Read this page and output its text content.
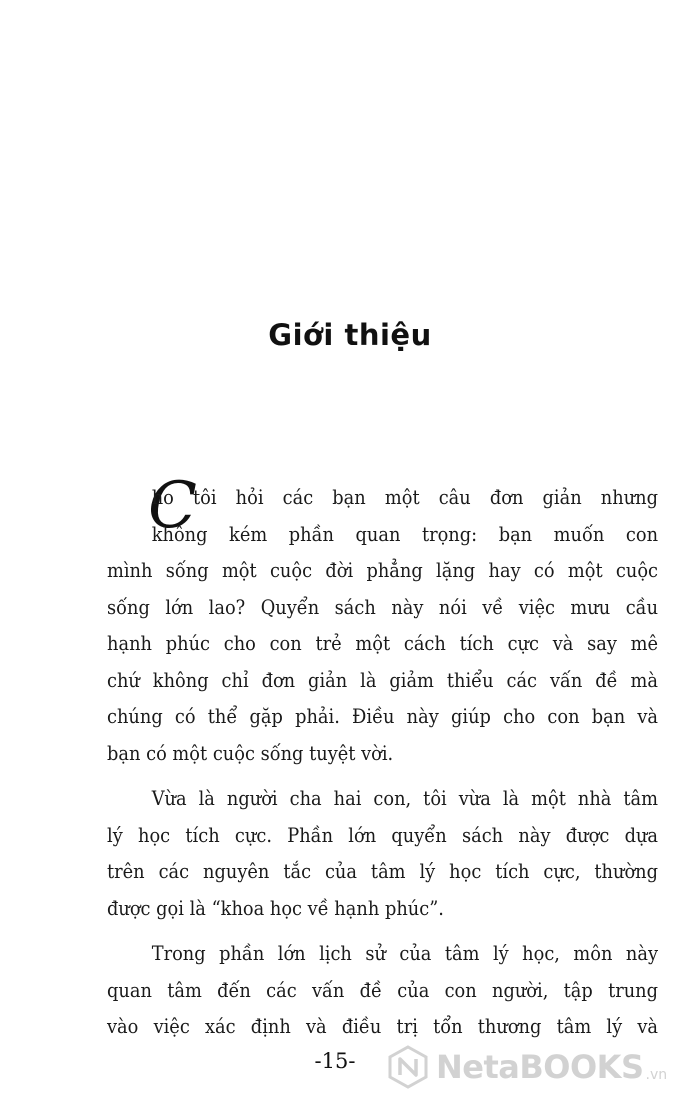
Giới thiệu
C

ho tôi hỏi các bạn một câu đơn giản nhưng
không kém phần quan trọng: bạn muốn con
mình sống một cuộc đời phẳng lặng hay có một cuộc
sống lớn lao? Quyển sách này nói về việc mưu cầu
hạnh phúc cho con trẻ một cách tích cực và say mê
chứ không chỉ đơn giản là giảm thiểu các vấn đề mà
chúng có thể gặp phải. Điều này giúp cho con bạn và
bạn có một cuộc sống tuyệt vời.

Vừa là người cha hai con, tôi vừa là một nhà tâm
lý học tích cực. Phần lớn quyển sách này được dựa
trên các nguyên tắc của tâm lý học tích cực, thường
được gọi là “khoa học về hạnh phúc”.

Trong phần lớn lịch sử của tâm lý học, môn này
quan tâm đến các vấn đề của con người, tập trung
vào việc xác định và điều trị tổn thương tâm lý và

-15-	NetaBOOKS .vn
